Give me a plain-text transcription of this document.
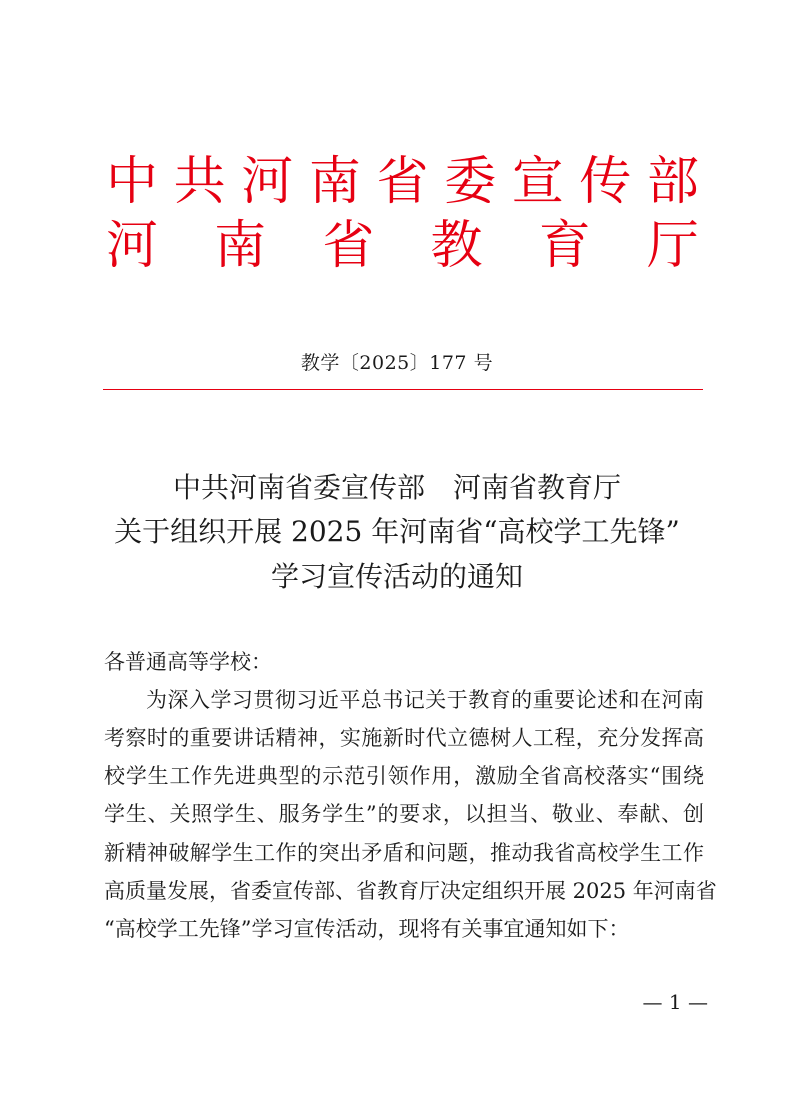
中 共 河 南 省 委 宣 传 部
河 南 省 教 育 厅
教学〔2025〕177 号
中共河南省委宣传部　河南省教育厅
关于组织开展 2025 年河南省“高校学工先锋”
学习宣传活动的通知
各普通高等学校：
为深入学习贯彻习近平总书记关于教育的重要论述和在河南
考察时的重要讲话精神，实施新时代立德树人工程，充分发挥高
校学生工作先进典型的示范引领作用，激励全省高校落实“围绕
学生、关照学生、服务学生”的要求，以担当、敬业、奉献、创
新精神破解学生工作的突出矛盾和问题，推动我省高校学生工作
高质量发展，省委宣传部、省教育厅决定组织开展 2025 年河南省
“高校学工先锋”学习宣传活动，现将有关事宜通知如下：
— 1 —
